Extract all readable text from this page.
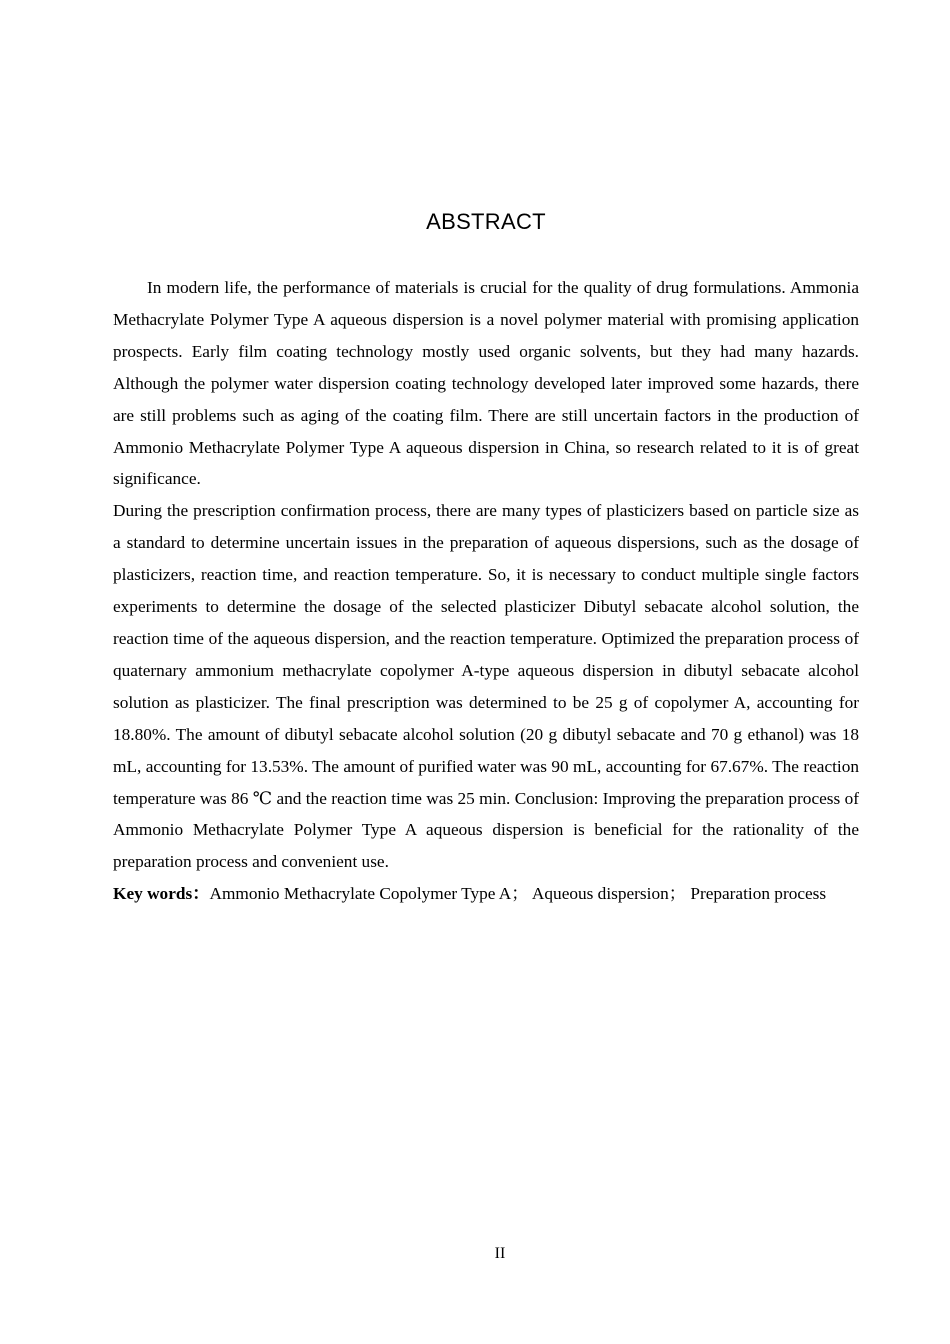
ABSTRACT

In modern life, the performance of materials is crucial for the quality of drug formulations. Ammonia Methacrylate Polymer Type A aqueous dispersion is a novel polymer material with promising application prospects. Early film coating technology mostly used organic solvents, but they had many hazards. Although the polymer water dispersion coating technology developed later improved some hazards, there are still problems such as aging of the coating film. There are still uncertain factors in the production of Ammonio Methacrylate Polymer Type A aqueous dispersion in China, so research related to it is of great significance.

During the prescription confirmation process, there are many types of plasticizers based on particle size as a standard to determine uncertain issues in the preparation of aqueous dispersions, such as the dosage of plasticizers, reaction time, and reaction temperature. So, it is necessary to conduct multiple single factors experiments to determine the dosage of the selected plasticizer Dibutyl sebacate alcohol solution, the reaction time of the aqueous dispersion, and the reaction temperature. Optimized the preparation process of quaternary ammonium methacrylate copolymer A-type aqueous dispersion in dibutyl sebacate alcohol solution as plasticizer. The final prescription was determined to be 25 g of copolymer A, accounting for 18.80%. The amount of dibutyl sebacate alcohol solution (20 g dibutyl sebacate and 70 g ethanol) was 18 mL, accounting for 13.53%. The amount of purified water was 90 mL, accounting for 67.67%. The reaction temperature was 86 ℃ and the reaction time was 25 min. Conclusion: Improving the preparation process of Ammonio Methacrylate Polymer Type A aqueous dispersion is beneficial for the rationality of the preparation process and convenient use.

Key words：Ammonio Methacrylate Copolymer Type A； Aqueous dispersion； Preparation process

II
